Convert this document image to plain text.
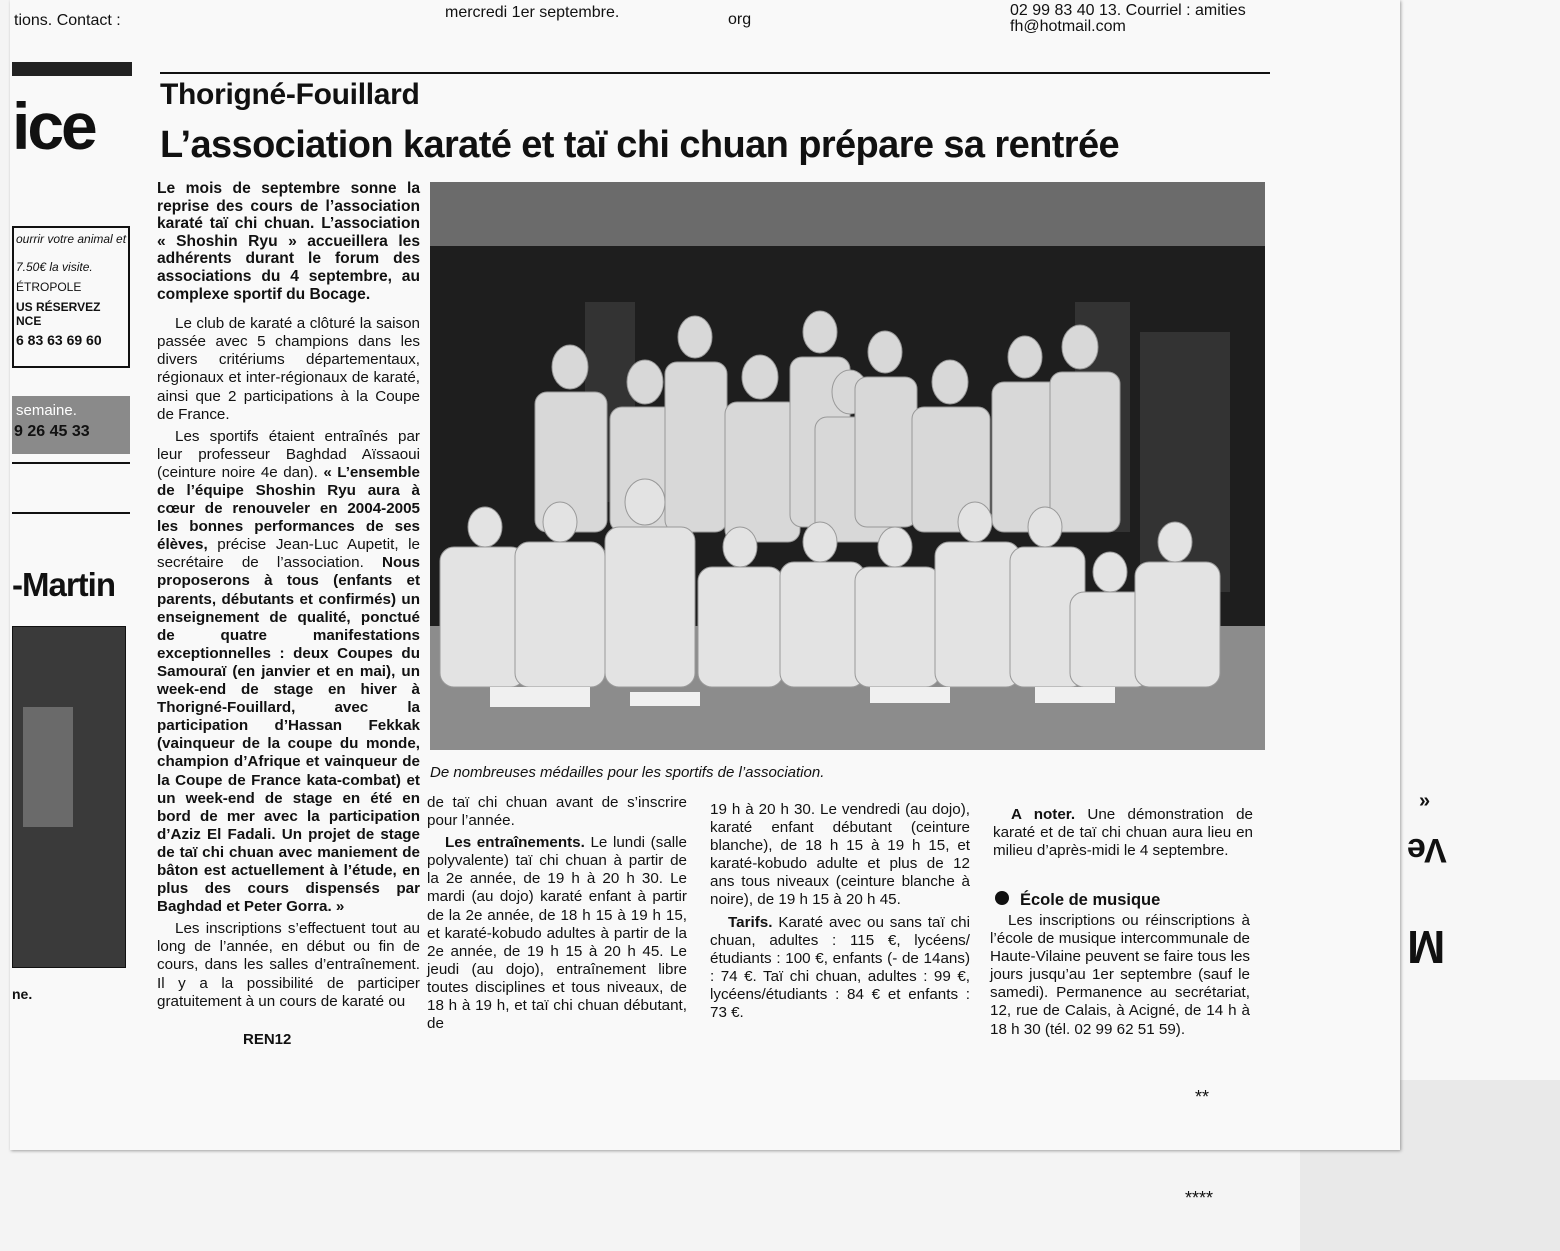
»
Ve
M
tions. Contact :	mercredi 1er septembre.	org
02 99 83 40 13. Courriel : amities
fh@hotmail.com
ice
ourrir votre animal et
7.50€ la visite.
ÉTROPOLE
US RÉSERVEZ
NCE
6 83 63 69 60
semaine.
9 26 45 33
-Martin
ne.
Thorigné-Fouillard
L’association karaté et taï chi chuan prépare sa rentrée

Le mois de septembre sonne la reprise des cours de l’association karaté taï chi chuan. L’association « Shoshin Ryu » accueillera les adhérents durant le forum des associations du 4 septembre, au complexe sportif du Bocage.

Le club de karaté a clôturé la saison passée avec 5 champions dans les divers critériums départementaux, régionaux et inter-régionaux de karaté, ainsi que 2 participations à la Coupe de France.

Les sportifs étaient entraînés par leur professeur Baghdad Aïssaoui (ceinture noire 4e dan). « L’ensemble de l’équipe Shoshin Ryu aura à cœur de renouveler en 2004-2005 les bonnes performances de ses élèves, précise Jean-Luc Aupetit, le secrétaire de l’association. Nous proposerons à tous (enfants et parents, débutants et confirmés) un enseignement de qualité, ponctué de quatre manifestations exceptionnelles : deux Coupes du Samouraï (en janvier et en mai), un week-end de stage en hiver à Thorigné-Fouillard, avec la participation d’Hassan Fekkak (vainqueur de la coupe du monde, champion d’Afrique et vainqueur de la Coupe de France kata-combat) et un week-end de stage en été en bord de mer avec la participation d’Aziz El Fadali. Un projet de stage de taï chi chuan avec maniement de bâton est actuellement à l’étude, en plus des cours dispensés par Baghdad et Peter Gorra. »

Les inscriptions s’effectuent tout au long de l’année, en début ou fin de cours, dans les salles d’entraînement. Il y a la possibilité de participer gratuitement à un cours de karaté ou

De nombreuses médailles pour les sportifs de l’association.

de taï chi chuan avant de s’inscrire pour l’année.

Les entraînements. Le lundi (salle polyvalente) taï chi chuan à partir de la 2e année, de 19 h à 20 h 30. Le mardi (au dojo) karaté enfant à partir de la 2e année, de 18 h 15 à 19 h 15, et karaté-kobudo adultes à partir de la 2e année, de 19 h 15 à 20 h 45. Le jeudi (au dojo), entraînement libre toutes disciplines et tous niveaux, de 18 h à 19 h, et taï chi chuan débutant, de

19 h à 20 h 30. Le vendredi (au dojo), karaté enfant débutant (ceinture blanche), de 18 h 15 à 19 h 15, et karaté-kobudo adulte et plus de 12 ans tous niveaux (ceinture blanche à noire), de 19 h 15 à 20 h 45.

Tarifs. Karaté avec ou sans taï chi chuan, adultes : 115 €, lycéens/étudiants : 100 €, enfants (- de 14ans) : 74 €. Taï chi chuan, adultes : 99 €, lycéens/étudiants : 84 € et enfants : 73 €.

REN12

A noter. Une démonstration de karaté et de taï chi chuan aura lieu en milieu d’après-midi le 4 septembre.

École de musique

Les inscriptions ou réinscriptions à l’école de musique intercommunale de Haute-Vilaine peuvent se faire tous les jours jusqu’au 1er septembre (sauf le samedi). Permanence au secrétariat, 12, rue de Calais, à Acigné, de 14 h à 18 h 30 (tél. 02 99 62 51 59).

**
****
